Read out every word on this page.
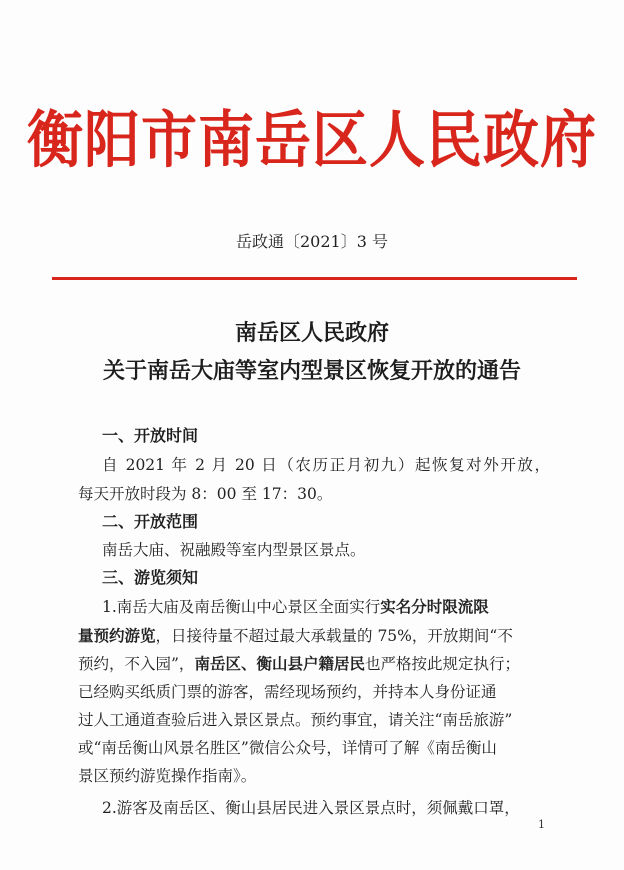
衡阳市南岳区人民政府
岳政通〔2021〕3 号
南岳区人民政府
关于南岳大庙等室内型景区恢复开放的通告
一、开放时间
自 2021 年 2 月 20 日（农历正月初九）起恢复对外开放，
每天开放时段为 8：00 至 17：30。
二、开放范围
南岳大庙、祝融殿等室内型景区景点。
三、游览须知
1.南岳大庙及南岳衡山中心景区全面实行实名分时限流限
量预约游览，日接待量不超过最大承载量的 75%，开放期间“不
预约，不入园”，南岳区、衡山县户籍居民也严格按此规定执行；
已经购买纸质门票的游客，需经现场预约，并持本人身份证通
过人工通道查验后进入景区景点。预约事宜，请关注“南岳旅游”
或“南岳衡山风景名胜区”微信公众号，详情可了解《南岳衡山
景区预约游览操作指南》。
2.游客及南岳区、衡山县居民进入景区景点时，须佩戴口罩，
1
